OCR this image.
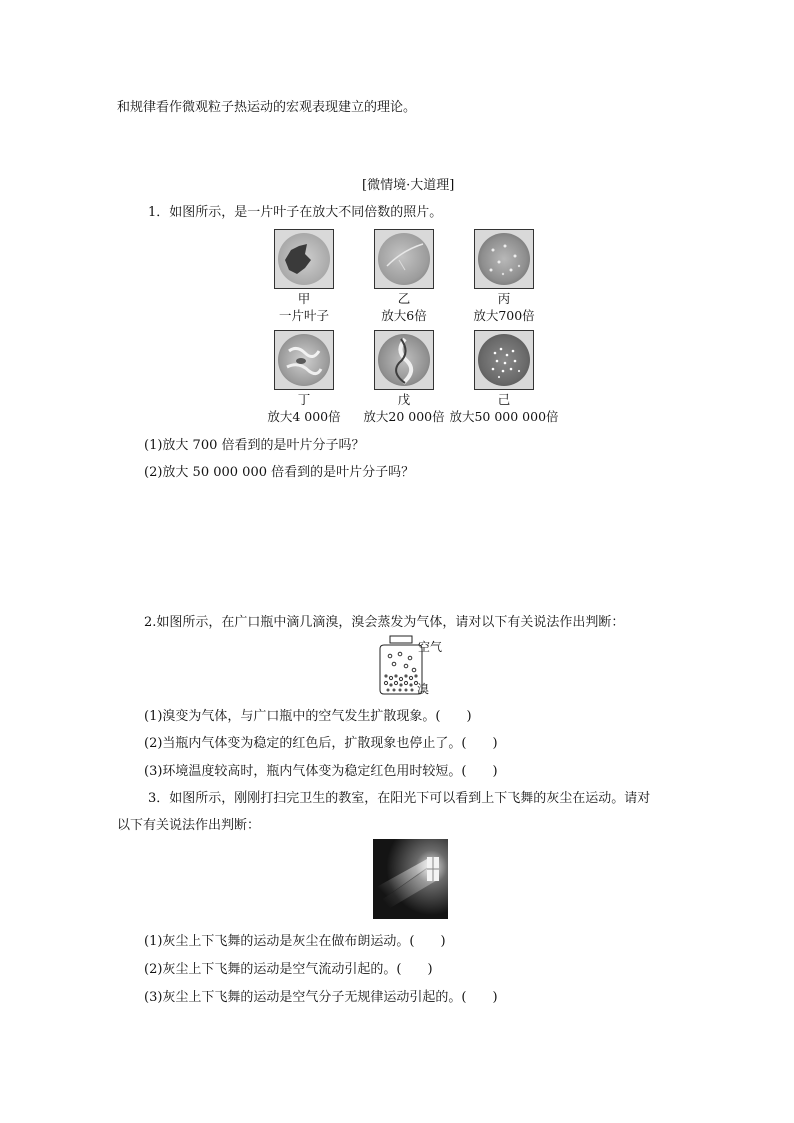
和规律看作微观粒子热运动的宏观表现建立的理论。
[微情境·大道理]
1．如图所示，是一片叶子在放大不同倍数的照片。
甲
一片叶子
乙
放大6倍
丙
放大700倍
丁
放大4 000倍
戊
放大20 000倍
己
放大50 000 000倍
(1)放大 700 倍看到的是叶片分子吗？
(2)放大 50 000 000 倍看到的是叶片分子吗？
2.如图所示，在广口瓶中滴几滴溴，溴会蒸发为气体，请对以下有关说法作出判断：
空气
溴
(1)溴变为气体，与广口瓶中的空气发生扩散现象。(　　)
(2)当瓶内气体变为稳定的红色后，扩散现象也停止了。(　　)
(3)环境温度较高时，瓶内气体变为稳定红色用时较短。(　　)
3．如图所示，刚刚打扫完卫生的教室，在阳光下可以看到上下飞舞的灰尘在运动。请对
以下有关说法作出判断：
(1)灰尘上下飞舞的运动是灰尘在做布朗运动。(　　)
(2)灰尘上下飞舞的运动是空气流动引起的。(　　)
(3)灰尘上下飞舞的运动是空气分子无规律运动引起的。(　　)
